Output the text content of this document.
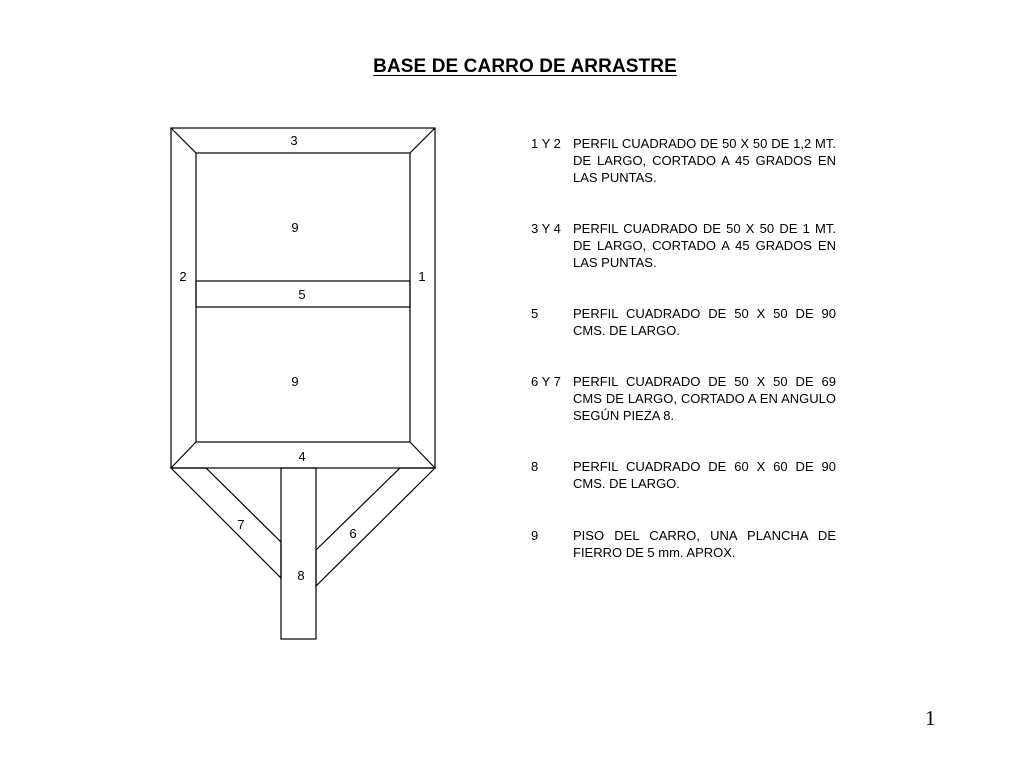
BASE DE CARRO DE ARRASTRE
3
9
2	1
5
9
4
7
6
8
1 Y 2 PERFIL CUADRADO DE 50 X 50 DE 1,2 MT. DE LARGO, CORTADO A 45 GRADOS EN LAS PUNTAS.
3 Y 4 PERFIL CUADRADO DE 50 X 50 DE 1 MT. DE LARGO, CORTADO A 45 GRADOS EN LAS PUNTAS.
5	PERFIL CUADRADO DE 50 X 50 DE 90 CMS. DE LARGO.
6 Y 7 PERFIL CUADRADO DE 50 X 50 DE 69 CMS DE LARGO, CORTADO A EN ANGULO SEGÚN PIEZA 8.
8	PERFIL CUADRADO DE 60 X 60 DE 90 CMS. DE LARGO.
9	PISO DEL CARRO, UNA PLANCHA DE FIERRO DE 5 mm. APROX.
1
